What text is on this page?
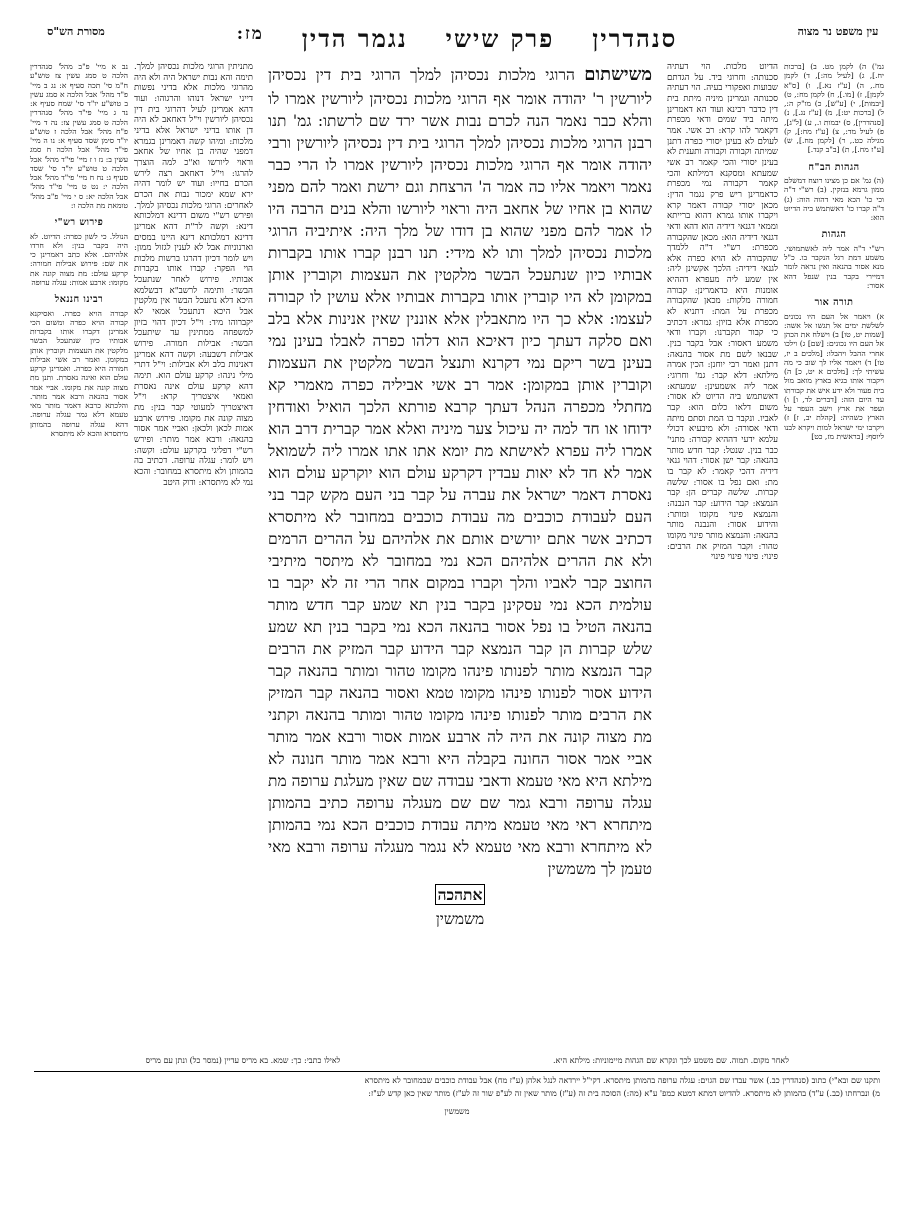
מסורת הש"ס	סנהדרין
פרק שישי
נגמר הדין
מז:	עין משפט נר מצוה

גמ') ה) לקמן מט. ב) [ברכות יח.], ג) [לעיל מה:], ד) לקמן מח., ה) [ע"ז נא.], ו) [ס"א לקמן], ז) [מו.], ח) לקמן מח:, ט) [יבמות], י) [ע"ש], כ) מו"ק ה:, ל) [ברכות יט:], מ) [ע"ז נג.], נ) [סנהדרין], ס) יבמות ו., ע) [ל"ג], פ) לעיל מד:, צ) [ע"ז מח:], ק) מגילה כט., ר) [לקמן מח.], ש) [ע"ז מח.], ת) [ב"ב קנד.]

הגהות הב"ח

(ה) גמ' אם כן מצינו רוצח דמשלם ממון גרמא בנזקין. (ב) רש"י ד"ה וכי כו' הכא מאי דהוה הוה: (ג) ד"ה קברו כו' דאשתמש ביה הדיוט הוא:

הגהות

רש"י ד"ה אמר ליה לאשתמושי. משמע דמת רגל הנקבר בו. כ"ל מנא אסור בהנאה ואין נראה לומר דמיירי בקבר בנין שנפל דהא אסור:

תורה אור

א) ויאמר אל העם היו נכונים לשלשת ימים אל תגשו אל אשה: [שמות יט, טו] ב) וישלח את הכהן אל העם היו נכונים: [שם] ג) וילכו אחרי ההבל ויהבלו: [מלכים ב יז, טו] ד) ויאמר אליו לך שוב כי מה עשיתי לך: [מלכים א יט, כ] ה) ויקבור אותו בגיא בארץ מואב מול בית פעור ולא ידע איש את קבורתו עד היום הזה: [דברים לד, ו] ו) ועפר את ארץ וישב העפר על הארץ כשהיה: [קהלת יב, ז] ז) ויקרבו ימי ישראל למות ויקרא לבנו ליוסף: [בראשית מז, כט]

הדיוט מלכות. הוי דעתיה סכנותה: וחרוגי ביד. על הגדתם שבועות ואפקורי בעיה. הוי דעתיה סכנותה וגמרינן מיניה מיתת בית דין כדבר רבינא ועוד הא דאמרינן מיתה ביד שמים ודאי מכפרת דקאמר להו קרא: רב אשי. אמר לעולם לא בעינן יסורי כפרה דתנן שמיתה וקבורה וקבורה ותענית לא בעינן יסורי והכי קאמר רב אשי שמעתא ומסקנא דמילתא והכי קאמר דקבורה נמי מכפרת כדאמרינן ריש פרק נגמר הדין: מכאן יסורי קבורה דאמר קרא ויקברו אותו גמרא דהוא ברייתא וממאי דגנאי דידיה הוא דהא ודאי דגנאי דידיה הוא: מכאן שהקבורה מכפרת: רש"י ד"ה ללמדך שהקבורה לא הויא כפרה אלא לגנאי דידיה: הלכך אקשינן ליה: אין שמע ליה מעפרא דההיא אומנות היא כדאמרינן: קבורה חמורה מלקות: מכאן שהקבורה מכפרת על המת: דתניא לא מכפרת אלא בזיון: גמרא: דכתיב כי קבור תקברנו: וקברו ודאי משמע דאסור: אבל בקבר בנין. שבנאו לשם מת אסור בהנאה: דתנן ואמר רבי יוחנן: הכין אמרה מילתא: דלא קבר: גמ' וחרוגי: אמר ליה אשמעינן: שמעתא: דאשתמש ביה הדיוט לא אסור: משום דלאו כלום הוא: קבר לאביו. ונקבר בו המת וסתם מיתה ודאי אסורה: ולא מיבעיא דכולי עלמא ידעי דההיא קבורה: מתני' כבר בנין. שנטל: קבר חדש מותר בהנאה: קבר ישן אסור: דהוי גנאי דידיה דהכי קאמר: לא קבר בו מת: ואם נפל בו אסור: שלשה קברות. שלשה קברים הן: קבר הנמצא: קבר הידוע: קבר הנבנה: והנמצא פינוי מקומו ומותר: והידוע אסור: והנבנה מותר בהנאה: והנמצא מותר פינוי מקומו טהור: וקבר המזיק את הרבים: פינוי: פינוי פינוי פינוי

משישתום הרוגי מלכות נכסיהן למלך הרוגי בית דין נכסיהן ליורשין ר' יהודה אומר אף הרוגי מלכות נכסיהן ליורשין אמרו לו והלא כבר נאמר הנה לכרם נבות אשר ירד שם לרשתו: גמ' תנו רבנן הרוגי מלכות נכסיהן למלך הרוגי בית דין נכסיהן ליורשין ורבי יהודה אומר אף הרוגי מלכות נכסיהן ליורשין אמרו לו הרי כבר נאמר ויאמר אליו כה אמר ה' הרצחת וגם ירשת ואמר להם מפני שהוא בן אחיו של אחאב היה וראוי ליורשו והלא בנים הרבה היו לו אמר להם מפני שהוא בן דודו של מלך היה: איתיביה הרוגי מלכות נכסיהן למלך ותו לא מידי: תנו רבנן קברו אותו בקברות אבותיו כיון שנתעכל הבשר מלקטין את העצמות וקוברין אותן במקומן לא היו קוברין אותו בקברות אבותיו אלא עושין לו קבורה לעצמו: אלא כך היו מתאבלין אלא אוננין שאין אנינות אלא בלב ואם סלקה דעתך כיון דאיכא הוא דלהו כפרה לאבלו בעינן נמי בעינן בשר ריקם נמי דקרנא ותנצל הבשר מלקטין את העצמות וקוברין אותן במקומן: אמר רב אשי אביליה כפרה מאמרי קא מחתלי מכפרה הנהל דעתך קרבא פורתא הלכך הואיל ואודחין ידוחו או חד למה יה עיכול צער מיניה ואלא אמר קברית דרב הוא אמרו ליה עפרא לאישתא מת יומא אתו אתו אמרו ליה לשמואל אמר לא חד לא יאות עבדין דקרקע עולם הוא יוקרקע עולם הוא נאסרת דאמר ישראל את עברה על קבר בני העם מקש קבר בני העם לעבודת כוכבים מה עבודת כוכבים במחובר לא מיתסרא דכתיב אשר אתם יורשים אותם את אלהיהם על ההרים הרמים ולא את ההרים אלהיהם הכא נמי במחובר לא מיתסר מיתיבי החוצב קבר לאביו והלך וקברו במקום אחר הרי זה לא יקבר בו עולמית הכא נמי עסקינן בקבר בנין תא שמע קבר חדש מותר בהנאה הטיל בו נפל אסור בהנאה הכא נמי בקבר בנין תא שמע שלש קברות הן קבר הנמצא קבר הידוע קבר המזיק את הרבים קבר הנמצא מותר לפנותו פינהו מקומו טהור ומותר בהנאה קבר הידוע אסור לפנותו פינהו מקומו טמא ואסור בהנאה קבר המזיק את הרבים מותר לפנותו פינהו מקומו טהור ומותר בהנאה וקתני מת מצוה קונה את היה לה ארבע אמות אסור ורבא אמר מותר אביי אמר אסור החונה בקבלה היא ורבא אמר מותר חנונה לא מילתא היא מאי טעמא ודאבי עבודה שם שאין מעלגת ערופה מת עגלה ערופה ורבא גמר שם שם מעגלה ערופה כתיב בהמותן מיתחרא ראי מאי טעמא מיתה עבודת כוכבים הכא נמי בהמותן לא מיתחרא ורבא מאי טעמא לא נגמר מעגלה ערופה ורבא מאי טעמן לך משמשין

אתהכה

משמשין

מתניתין הרוגי מלכות נכסיהן למלך. תימה והא נבות ישראל היה ולא היה מהרוגי מלכות אלא בדיני נפשות דייני ישראל דנוהו והרגוהו: ועוד דהא אמרינן לעיל דהרוגי בית דין נכסיהן ליורשין וי"ל דאחאב לא היה דן אותו בדיני ישראל אלא בדיני מלכות: ומיהו קשה דאמרינן בגמרא דמפני שהיה בן אחיו של אחאב וראוי ליורשו וא"כ למה הוצרך להרגו: וי"ל דאחאב רצה לירש הכרם בחייו: ועוד יש לומר דהיה ירא שמא ימכור נבות את הכרם לאחרים: הרוגי מלכות נכסיהן למלך. ופירש רש"י משום דדינא דמלכותא דינא: וקשה לר"ת דהא אמרינן דדינא דמלכותא דינא היינו במסים וארנוניות אבל לא לענין לגזול ממון: ויש לומר דכיון דהרגו ברשות מלכות הוי הפקר: קברו אותו בקברות אבותיו. פירוש לאחר שנתעכל הבשר: ותימה לרשב"א דבשלמא היכא דלא נתעכל הבשר אין מלקטין אבל היכא דנתעכל אמאי לא יקברוהו מיד: וי"ל דכיון דהוי בזיון למשפחה ממתינין עד שיתעכל הבשר: אבילות חמורה. פירוש אבילות דשבעה: וקשה דהא אמרינן דאנינות בלב ולא אבילות: וי"ל דתרי מילי נינהו: קרקע עולם הוא. תימה דהא קרקע עולם אינה נאסרת ואמאי איצטריך קרא: וי"ל דאיצטריך למעוטי קבר בנין: מת מצוה קונה את מקומו. פירוש ארבע אמות לכאן ולכאן: ואביי אמר אסור בהנאה: ורבא אמר מותר: ופירש רש"י דפליגי בקרקע עולם: וקשה: ויש לומר: עגלה ערופה. דכתיב בה בהמותן ולא מיתסרא במחובר: והכא נמי לא מיתסרא: ודוק היטב

נב א מיי' פ"ב מהל' סנהדרין הלכה ט סמג עשין צז טוש"ע ח"מ סי' תכה סעיף א: נג ב מיי' פ"ד מהל' אבל הלכה א סמג עשין ב טוש"ע יו"ד סי' שמח סעיף א: נד ג מיי' פי"ד מהל' סנהדרין הלכה ט סמג עשין צז: נה ד מיי' פ"ח מהל' אבל הלכה ז טוש"ע יו"ד סימן שסד סעיף א: נו ה מיי' פי"ד מהל' אבל הלכה ח סמג עשין ב: נז ו ז מיי' פי"ד מהל' אבל הלכה ט טוש"ע יו"ד סי' שסד סעיף ג: נח ח מיי' פי"ד מהל' אבל הלכה י: נט ט מיי' פי"ד מהל' אבל הלכה יא: ס י מיי' פ"ב מהל' טומאת מת הלכה ו:

פירוש רש"י

הנולל. כי לשון כפרה: הדיוט. לא היה בקבר בנין: ולא חרדו אלהיהם. אלא כתב דאמרינן כי את שם: פירוש אבילות חמורה: קרקע עולם: מת מצוה קונה את מקומו: ארבע אמות: עגלה ערופה

רבינו חננאל

קבורה הויא כפרה. ואסיקנא קבורה הויא כפרה ומשום הכי אמרינן דקברו אותו בקברות אבותיו כיון שנתעכל הבשר מלקטין את העצמות וקוברין אותן במקומן. ואמר רב אשי אבילות חמורה היא כפרה. ואמרינן קרקע עולם הוא ואינה נאסרת. ותנן מת מצוה קונה את מקומו. אביי אמר אסור בהנאה ורבא אמר מותר. והלכתא כרבא דאמר מותר מאי טעמא דלא גמר עגלה ערופה. דהא עגלה ערופה בהמותן מיתסרא והכא לא מיתסרא

לאחר מקום. תמוה. שם משמע לכך ונקרא שם הגהות מיימוניות: מילתא היא.
לאילו כתבי: כך: שמא. בא מריס עדיין (נמסר כל) ונתן עם מריס

ותקנו שם ובא"י) כתוב (סנהדרין כב.) אשר עבדו שם הגוים: עגלה ערופה בהמותן מיתסרא. דקי"ל יירדאה לנגל אלהן (ע"ז מח) אבל עבודת כוכבים שבמחובר לא מיתסרא

מ) ונברחתו (כב.) ע"ד) בהמותן לא מיתסרא. להדיוט דמתא דמטא כמפ' ע"א (מה:) הסוכה בית זה (ע"ז) מותר שאין זה לע"פ שור זה לע"ז) מותר שאין כאן קדש לע"ז:

משמשין
